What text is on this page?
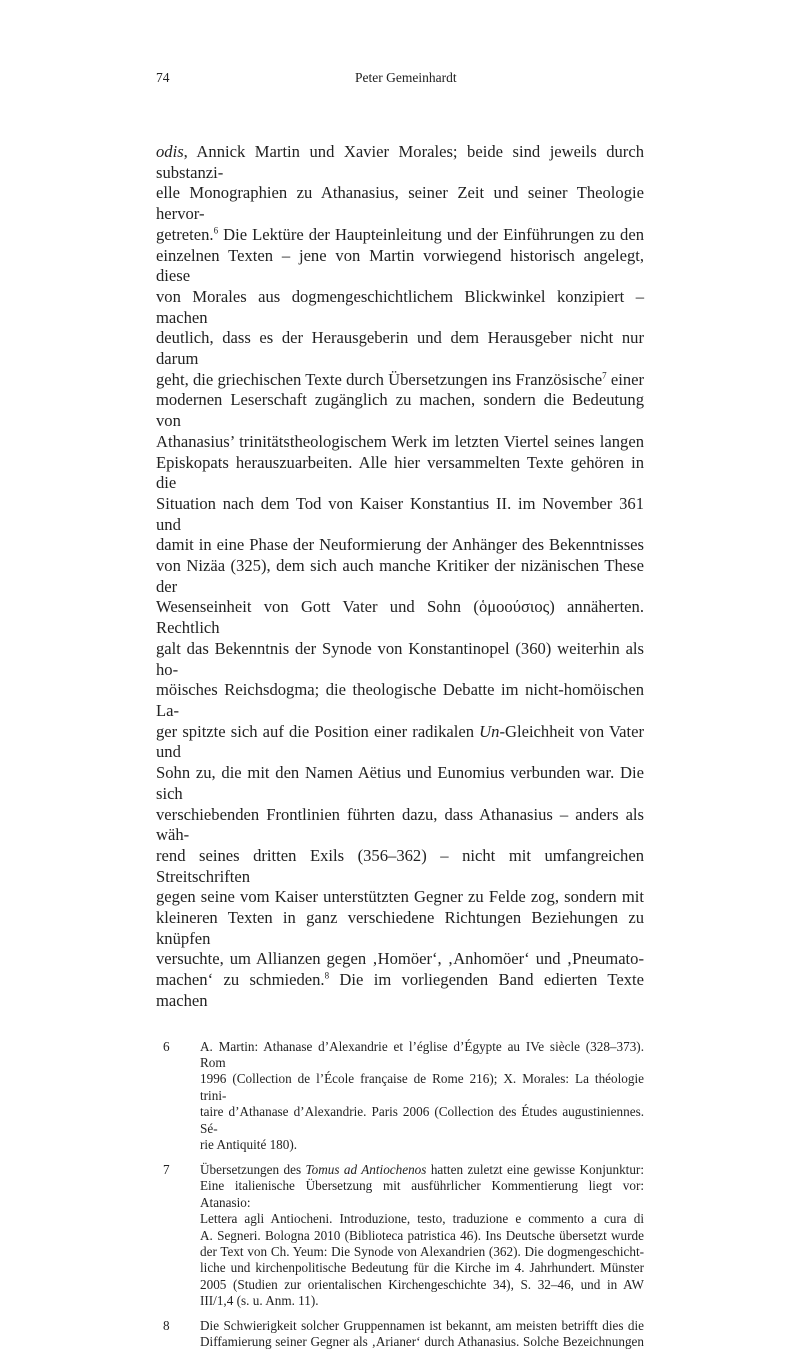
74	Peter Gemeinhardt
odis, Annick Martin und Xavier Morales; beide sind jeweils durch substanzi-
elle Monographien zu Athanasius, seiner Zeit und seiner Theologie hervor-
getreten.$^6$ Die Lektüre der Haupteinleitung und der Einführungen zu den
einzelnen Texten – jene von Martin vorwiegend historisch angelegt, diese
von Morales aus dogmengeschichtlichem Blickwinkel konzipiert – machen
deutlich, dass es der Herausgeberin und dem Herausgeber nicht nur darum
geht, die griechischen Texte durch Übersetzungen ins Französische$^7$ einer
modernen Leserschaft zugänglich zu machen, sondern die Bedeutung von
Athanasius’ trinitätstheologischem Werk im letzten Viertel seines langen
Episkopats herauszuarbeiten. Alle hier versammelten Texte gehören in die
Situation nach dem Tod von Kaiser Konstantius II. im November 361 und
damit in eine Phase der Neuformierung der Anhänger des Bekenntnisses
von Nizäa (325), dem sich auch manche Kritiker der nizänischen These der
Wesenseinheit von Gott Vater und Sohn (ὁμοούσιος) annäherten. Rechtlich
galt das Bekenntnis der Synode von Konstantinopel (360) weiterhin als ho-
möisches Reichsdogma; die theologische Debatte im nicht-homöischen La-
ger spitzte sich auf die Position einer radikalen Un-Gleichheit von Vater und
Sohn zu, die mit den Namen Aëtius und Eunomius verbunden war. Die sich
verschiebenden Frontlinien führten dazu, dass Athanasius – anders als wäh-
rend seines dritten Exils (356–362) – nicht mit umfangreichen Streitschriften
gegen seine vom Kaiser unterstützten Gegner zu Felde zog, sondern mit
kleineren Texten in ganz verschiedene Richtungen Beziehungen zu knüpfen
versuchte, um Allianzen gegen ‚Homöer‘, ‚Anhomöer‘ und ‚Pneumato-
machen‘ zu schmieden.$^8$ Die im vorliegenden Band edierten Texte machen
6	A. Martin: Athanase d’Alexandrie et l’église d’Égypte au IVe siècle (328–373). Rom
1996 (Collection de l’École française de Rome 216); X. Morales: La théologie trini-
taire d’Athanase d’Alexandrie. Paris 2006 (Collection des Études augustiniennes. Sé-
rie Antiquité 180).
7	Übersetzungen des Tomus ad Antiochenos hatten zuletzt eine gewisse Konjunktur:
Eine italienische Übersetzung mit ausführlicher Kommentierung liegt vor: Atanasio:
Lettera agli Antiocheni. Introduzione, testo, traduzione e commento a cura di
A. Segneri. Bologna 2010 (Biblioteca patristica 46). Ins Deutsche übersetzt wurde
der Text von Ch. Yeum: Die Synode von Alexandrien (362). Die dogmengeschicht-
liche und kirchenpolitische Bedeutung für die Kirche im 4. Jahrhundert. Münster
2005 (Studien zur orientalischen Kirchengeschichte 34), S. 32–46, und in AW
III/1,4 (s. u. Anm. 11).
8	Die Schwierigkeit solcher Gruppennamen ist bekannt, am meisten betrifft dies die
Diffamierung seiner Gegner als ‚Arianer‘ durch Athanasius. Solche Bezeichnungen
